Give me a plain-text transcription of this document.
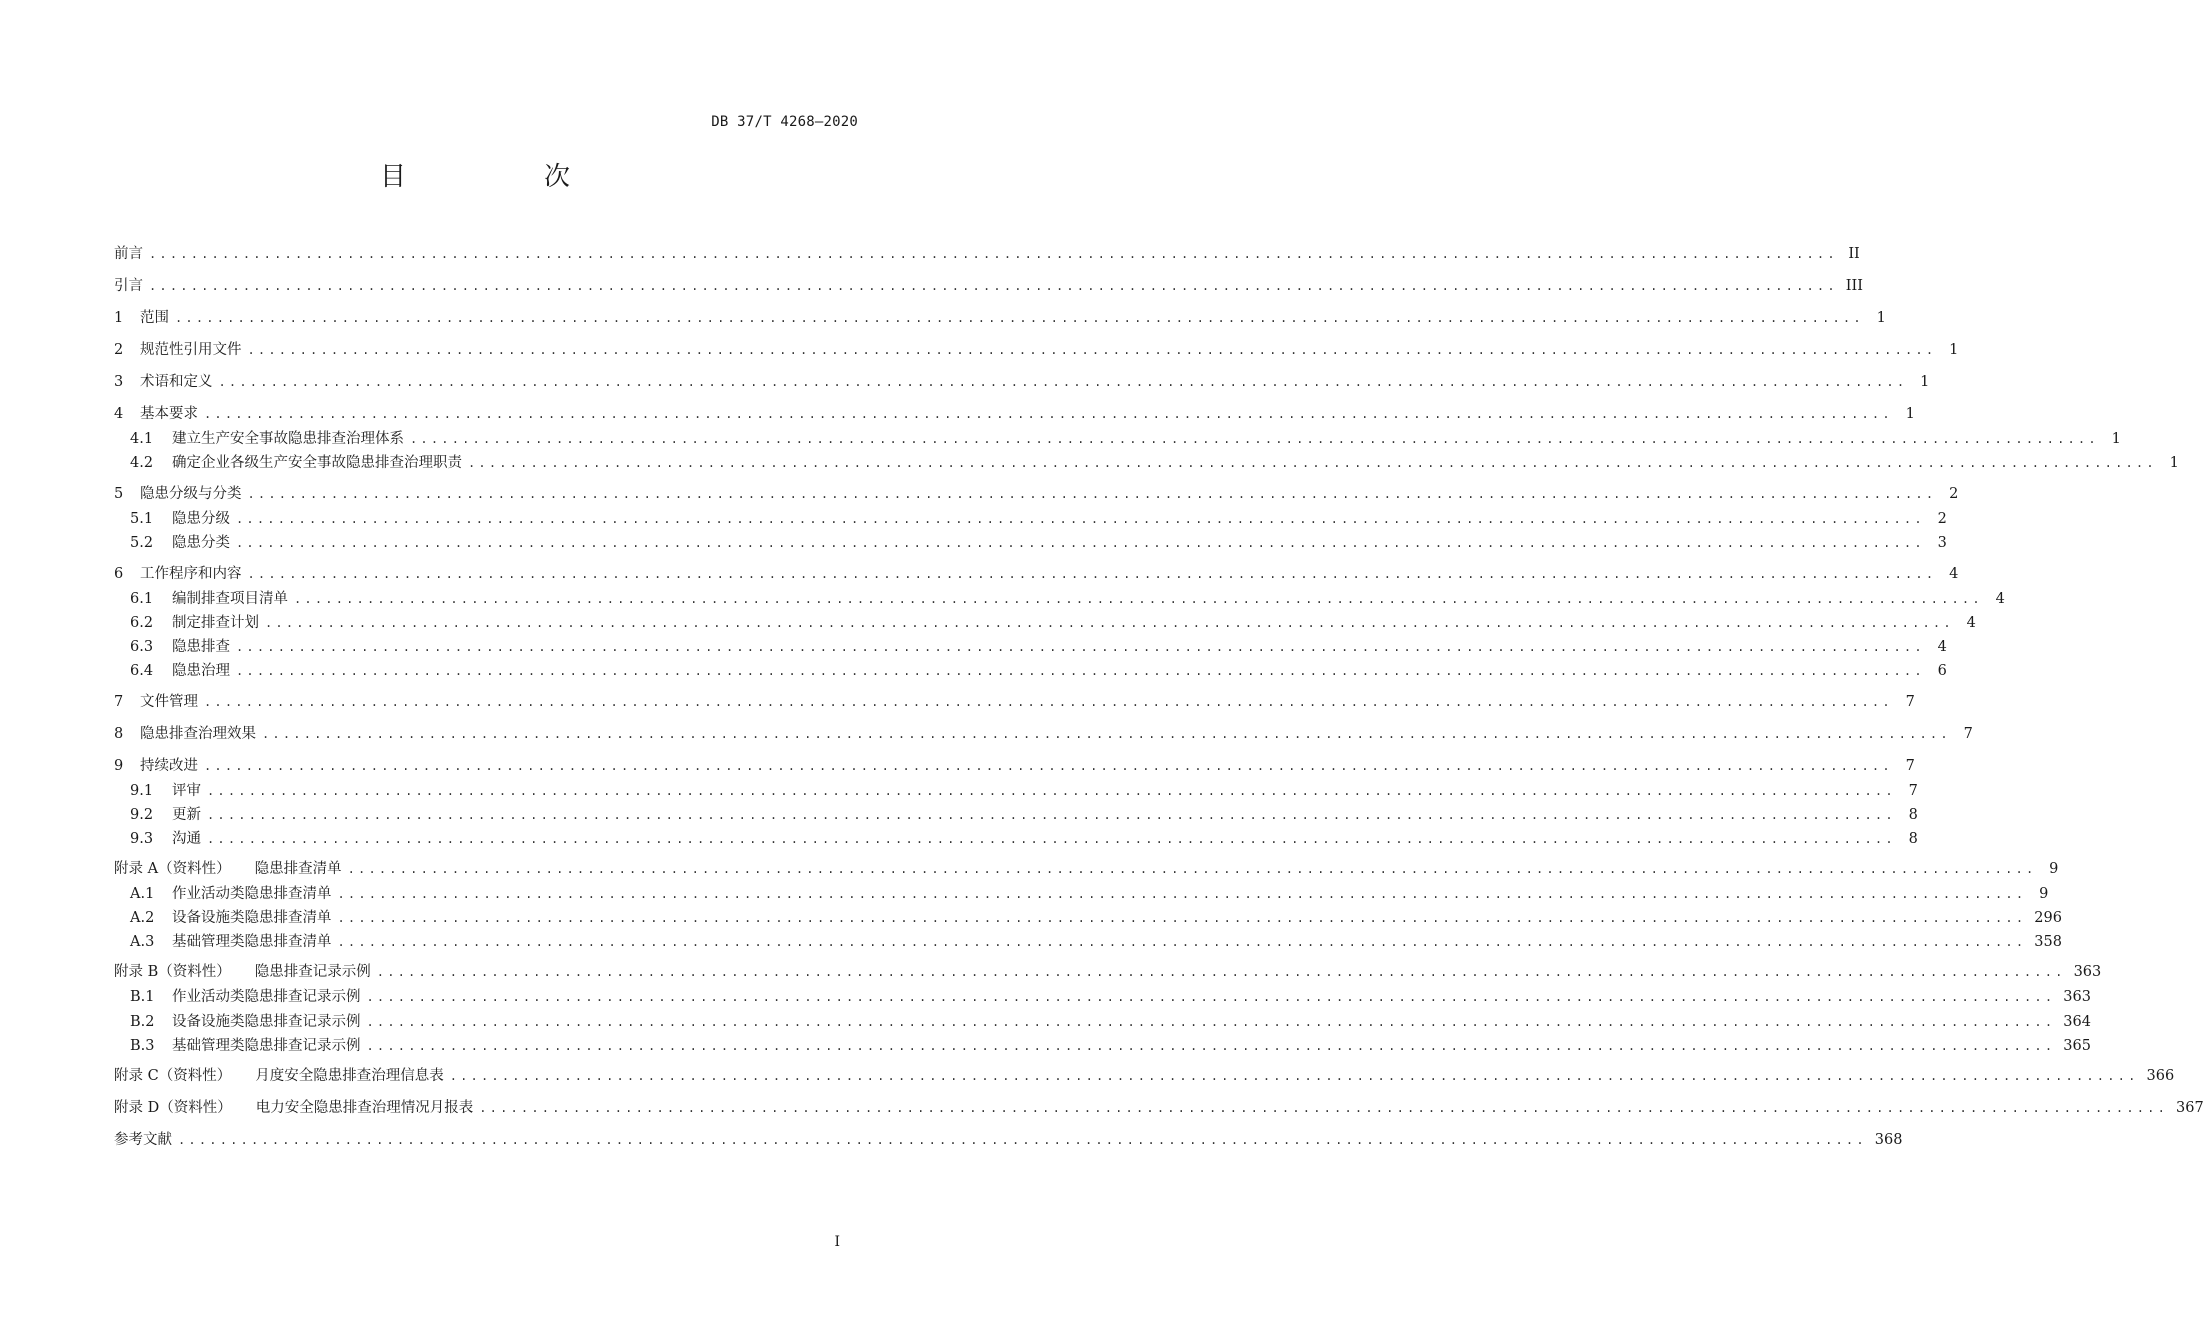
DB 37/T 4268—2020
目　次
前言 .................................................................................................................................................................. II
引言 .................................................................................................................................................................. III
1	范围 .................................................................................................................................................................. 1
2	规范性引用文件 .................................................................................................................................................................. 1
3	术语和定义 .................................................................................................................................................................. 1
4	基本要求 .................................................................................................................................................................. 1
4.1	建立生产安全事故隐患排查治理体系 .................................................................................................................................................................. 1
4.2	确定企业各级生产安全事故隐患排查治理职责 .................................................................................................................................................................. 1
5	隐患分级与分类 .................................................................................................................................................................. 2
5.1	隐患分级 .................................................................................................................................................................. 2
5.2	隐患分类 .................................................................................................................................................................. 3
6	工作程序和内容 .................................................................................................................................................................. 4
6.1	编制排查项目清单 .................................................................................................................................................................. 4
6.2	制定排查计划 .................................................................................................................................................................. 4
6.3	隐患排查 .................................................................................................................................................................. 4
6.4	隐患治理 .................................................................................................................................................................. 6
7	文件管理 .................................................................................................................................................................. 7
8	隐患排查治理效果 .................................................................................................................................................................. 7
9	持续改进 .................................................................................................................................................................. 7
9.1	评审 .................................................................................................................................................................. 7
9.2	更新 .................................................................................................................................................................. 8
9.3	沟通 .................................................................................................................................................................. 8
附录 A（资料性） 隐患排查清单 .................................................................................................................................................................. 9
A.1	作业活动类隐患排查清单 .................................................................................................................................................................. 9
A.2	设备设施类隐患排查清单 .................................................................................................................................................................. 296
A.3	基础管理类隐患排查清单 .................................................................................................................................................................. 358
附录 B（资料性） 隐患排查记录示例 .................................................................................................................................................................. 363
B.1	作业活动类隐患排查记录示例 .................................................................................................................................................................. 363
B.2	设备设施类隐患排查记录示例 .................................................................................................................................................................. 364
B.3	基础管理类隐患排查记录示例 .................................................................................................................................................................. 365
附录 C（资料性） 月度安全隐患排查治理信息表 .................................................................................................................................................................. 366
附录 D（资料性） 电力安全隐患排查治理情况月报表 .................................................................................................................................................................. 367
参考文献 .................................................................................................................................................................. 368
I
